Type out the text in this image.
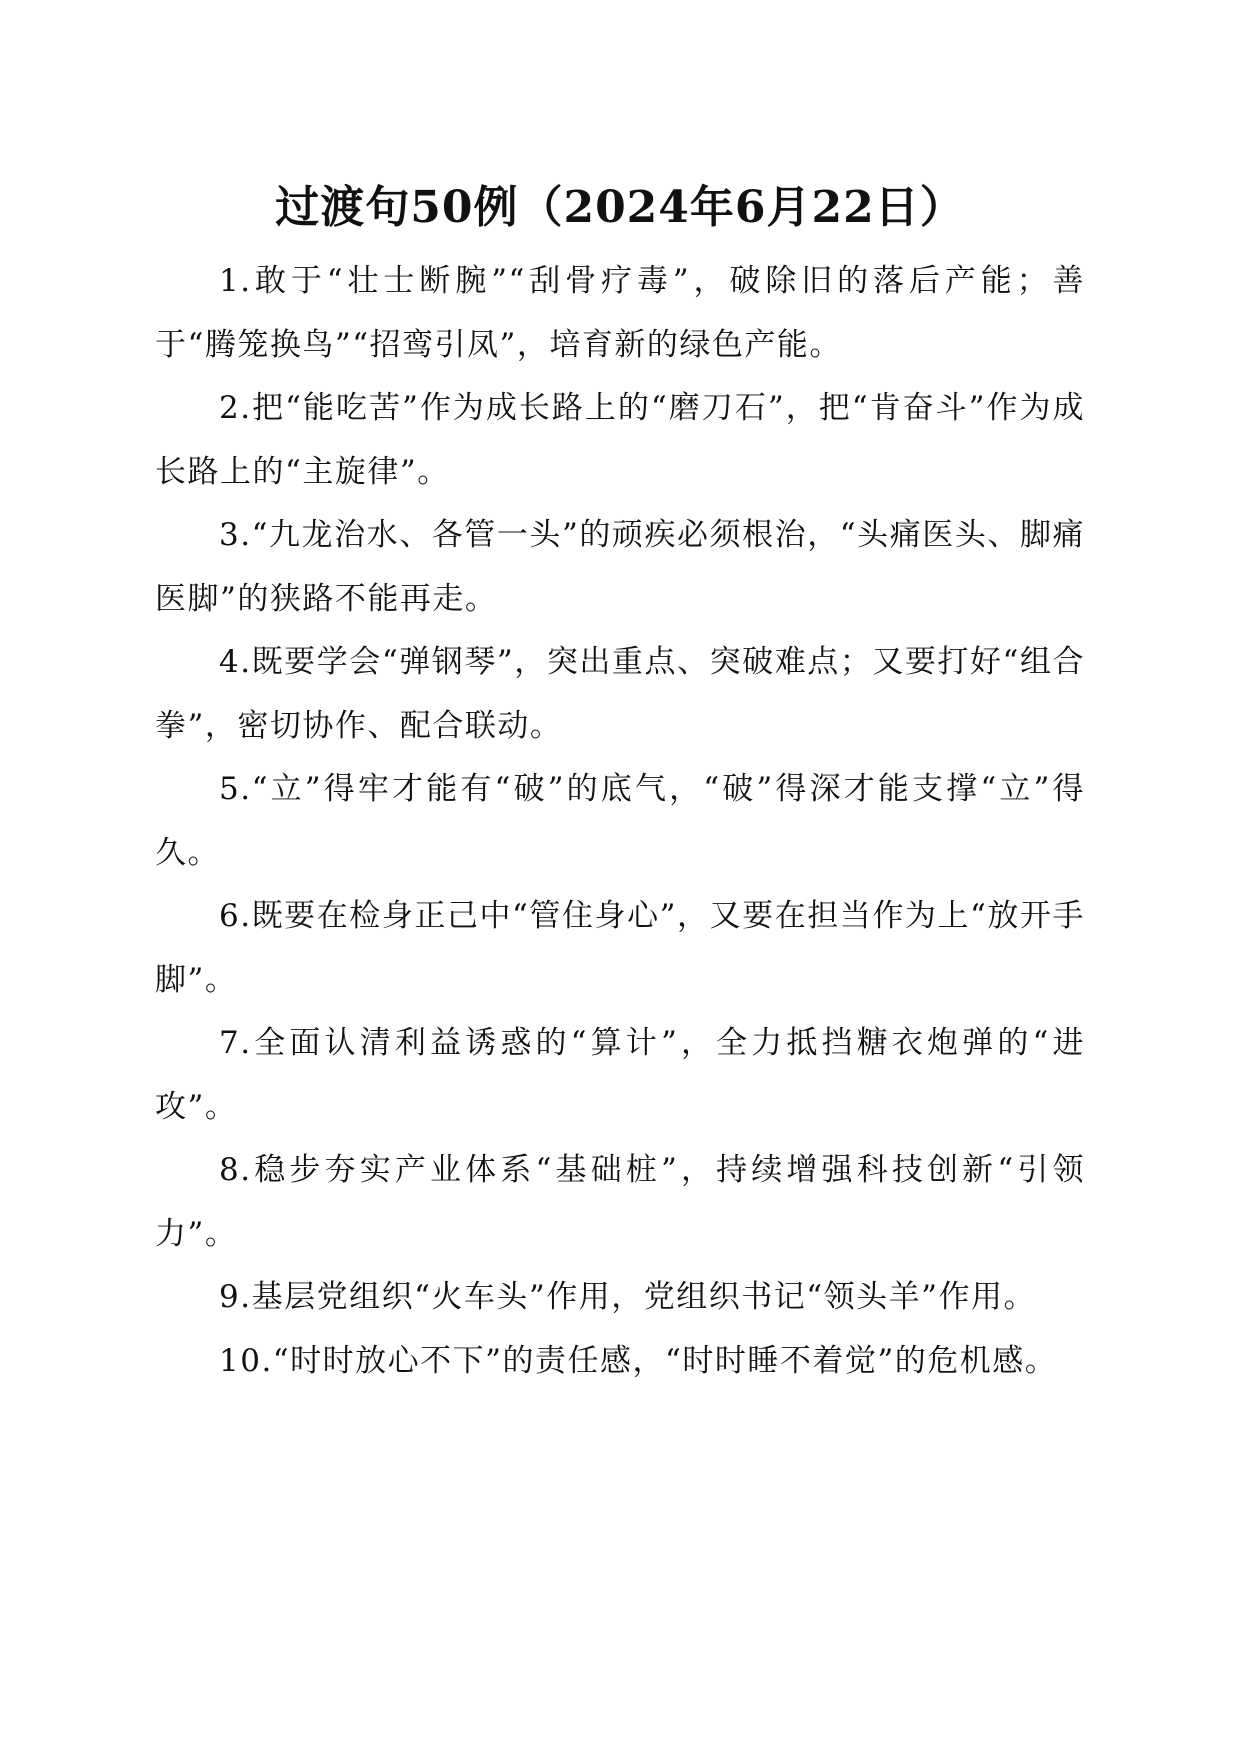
过渡句50例（2024年6月22日）

1.敢于“壮士断腕”“刮骨疗毒”，破除旧的落后产能；善于“腾笼换鸟”“招鸾引凤”，培育新的绿色产能。

2.把“能吃苦”作为成长路上的“磨刀石”，把“肯奋斗”作为成长路上的“主旋律”。

3.“九龙治水、各管一头”的顽疾必须根治，“头痛医头、脚痛医脚”的狭路不能再走。

4.既要学会“弹钢琴”，突出重点、突破难点；又要打好“组合拳”，密切协作、配合联动。

5.“立”得牢才能有“破”的底气，“破”得深才能支撑“立”得久。

6.既要在检身正己中“管住身心”，又要在担当作为上“放开手脚”。

7.全面认清利益诱惑的“算计”，全力抵挡糖衣炮弹的“进攻”。

8.稳步夯实产业体系“基础桩”，持续增强科技创新“引领力”。

9.基层党组织“火车头”作用，党组织书记“领头羊”作用。

10.“时时放心不下”的责任感，“时时睡不着觉”的危机感。
